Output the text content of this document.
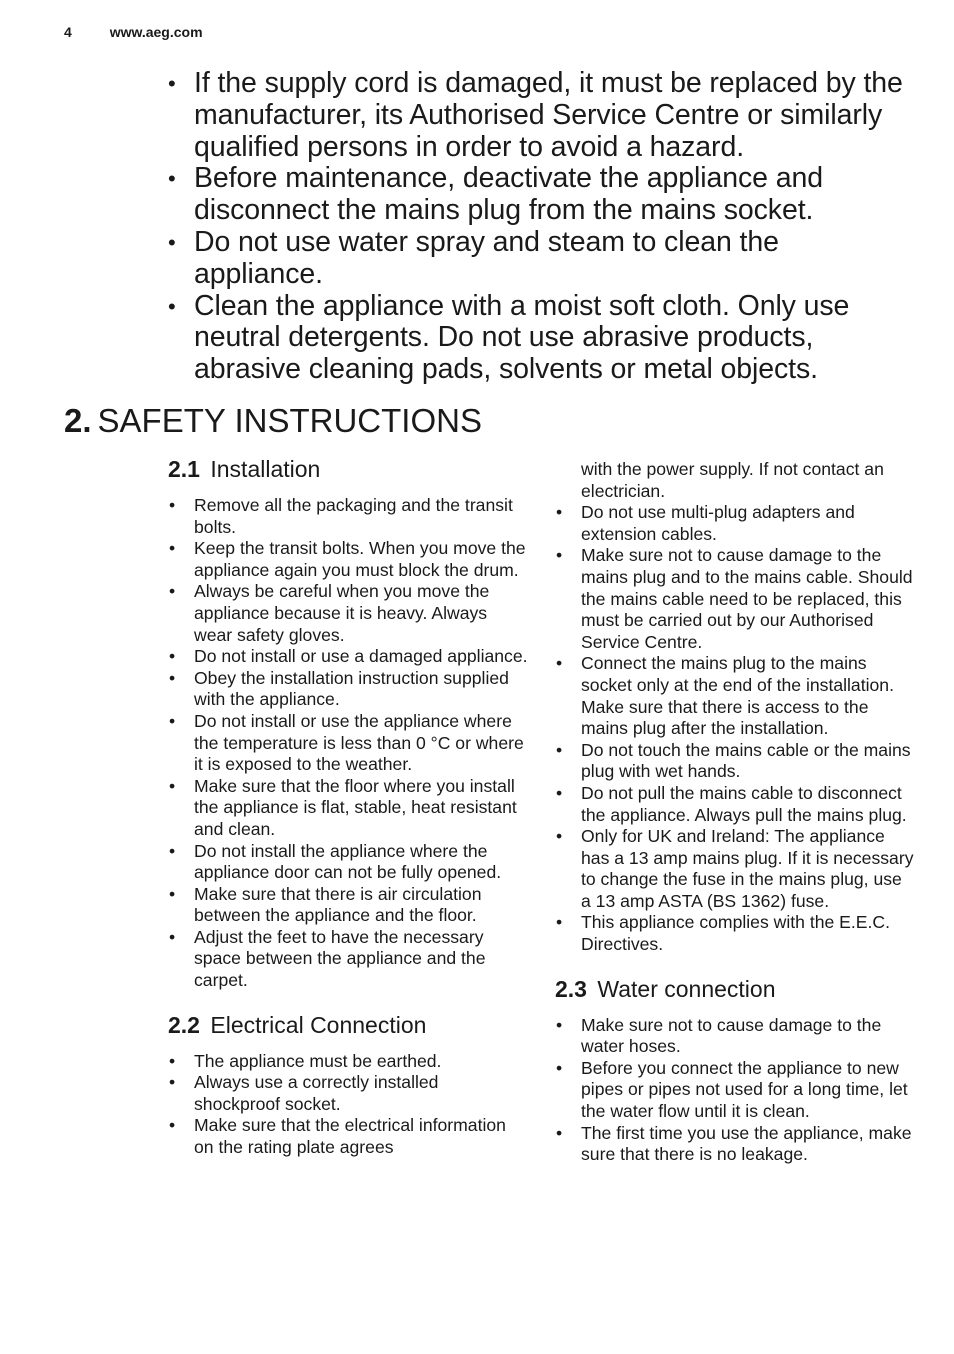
4	www.aeg.com
• If the supply cord is damaged, it must be replaced by the manufacturer, its Authorised Service Centre or similarly qualified persons in order to avoid a hazard.
• Before maintenance, deactivate the appliance and disconnect the mains plug from the mains socket.
• Do not use water spray and steam to clean the appliance.
• Clean the appliance with a moist soft cloth. Only use neutral detergents. Do not use abrasive products, abrasive cleaning pads, solvents or metal objects.
2. SAFETY INSTRUCTIONS
2.1 Installation
• Remove all the packaging and the transit bolts.
• Keep the transit bolts. When you move the appliance again you must block the drum.
• Always be careful when you move the appliance because it is heavy. Always wear safety gloves.
• Do not install or use a damaged appliance.
• Obey the installation instruction supplied with the appliance.
• Do not install or use the appliance where the temperature is less than 0 °C or where it is exposed to the weather.
• Make sure that the floor where you install the appliance is flat, stable, heat resistant and clean.
• Do not install the appliance where the appliance door can not be fully opened.
• Make sure that there is air circulation between the appliance and the floor.
• Adjust the feet to have the necessary space between the appliance and the carpet.
2.2 Electrical Connection
• The appliance must be earthed.
• Always use a correctly installed shockproof socket.
• Make sure that the electrical information on the rating plate agrees
with the power supply. If not contact an electrician.
• Do not use multi-plug adapters and extension cables.
• Make sure not to cause damage to the mains plug and to the mains cable. Should the mains cable need to be replaced, this must be carried out by our Authorised Service Centre.
• Connect the mains plug to the mains socket only at the end of the installation. Make sure that there is access to the mains plug after the installation.
• Do not touch the mains cable or the mains plug with wet hands.
• Do not pull the mains cable to disconnect the appliance. Always pull the mains plug.
• Only for UK and Ireland: The appliance has a 13 amp mains plug. If it is necessary to change the fuse in the mains plug, use a 13 amp ASTA (BS 1362) fuse.
• This appliance complies with the E.E.C. Directives.
2.3 Water connection
• Make sure not to cause damage to the water hoses.
• Before you connect the appliance to new pipes or pipes not used for a long time, let the water flow until it is clean.
• The first time you use the appliance, make sure that there is no leakage.
